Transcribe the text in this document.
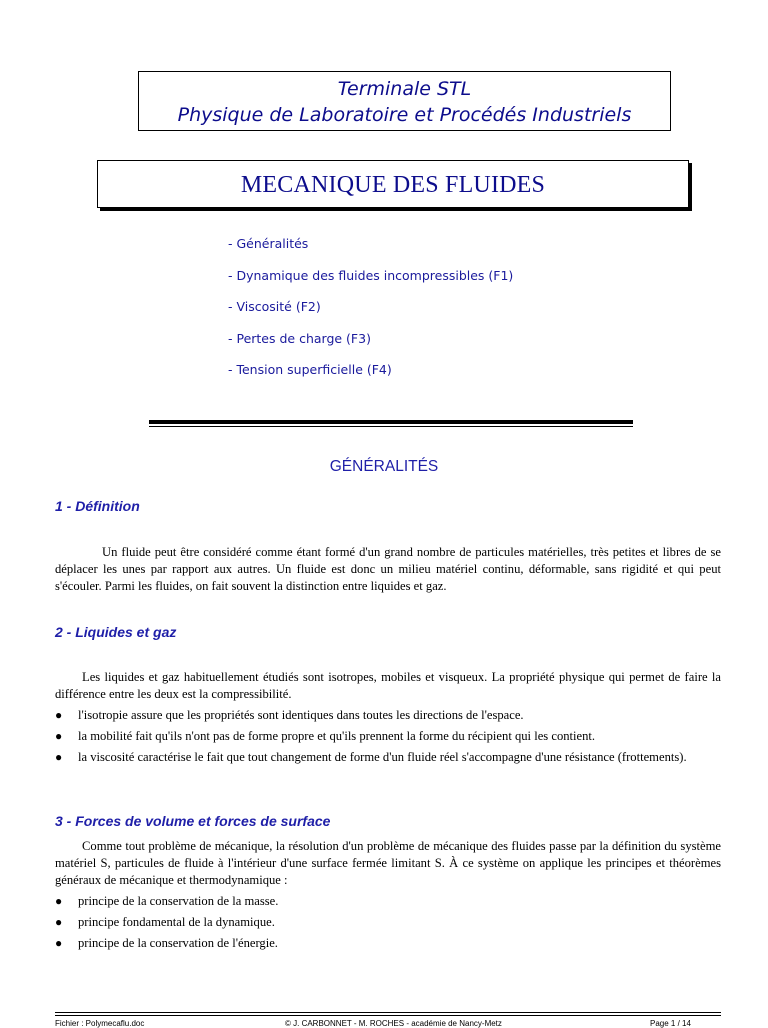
Terminale STL
Physique de Laboratoire et Procédés Industriels
MECANIQUE DES FLUIDES
- Généralités
- Dynamique des fluides incompressibles (F1)
- Viscosité (F2)
- Pertes de charge (F3)
- Tension superficielle (F4)
GÉNÉRALITÉS
1 - Définition
Un fluide peut être considéré comme étant formé d'un grand nombre de particules matérielles, très petites et libres de se déplacer les unes par rapport aux autres. Un fluide est donc un milieu matériel continu, déformable, sans rigidité et qui peut s'écouler. Parmi les fluides, on fait souvent la distinction entre liquides et gaz.
2 - Liquides et gaz
Les liquides et gaz habituellement étudiés sont isotropes, mobiles et visqueux. La propriété physique qui permet de faire la différence entre les deux est la compressibilité.
● l'isotropie assure que les propriétés sont identiques dans toutes les directions de l'espace.
● la mobilité fait qu'ils n'ont pas de forme propre et qu'ils prennent la forme du récipient qui les contient.
● la viscosité caractérise le fait que tout changement de forme d'un fluide réel s'accompagne d'une résistance (frottements).
3 - Forces de volume et forces de surface
Comme tout problème de mécanique, la résolution d'un problème de mécanique des fluides passe par la définition du système matériel S, particules de fluide à l'intérieur d'une surface fermée limitant S. À ce système on applique les principes et théorèmes généraux de mécanique et thermodynamique :
● principe de la conservation de la masse.
● principe fondamental de la dynamique.
● principe de la conservation de l'énergie.
Fichier : Polymecaflu.doc	© J. CARBONNET - M. ROCHES - académie de Nancy-Metz	Page 1 / 14
